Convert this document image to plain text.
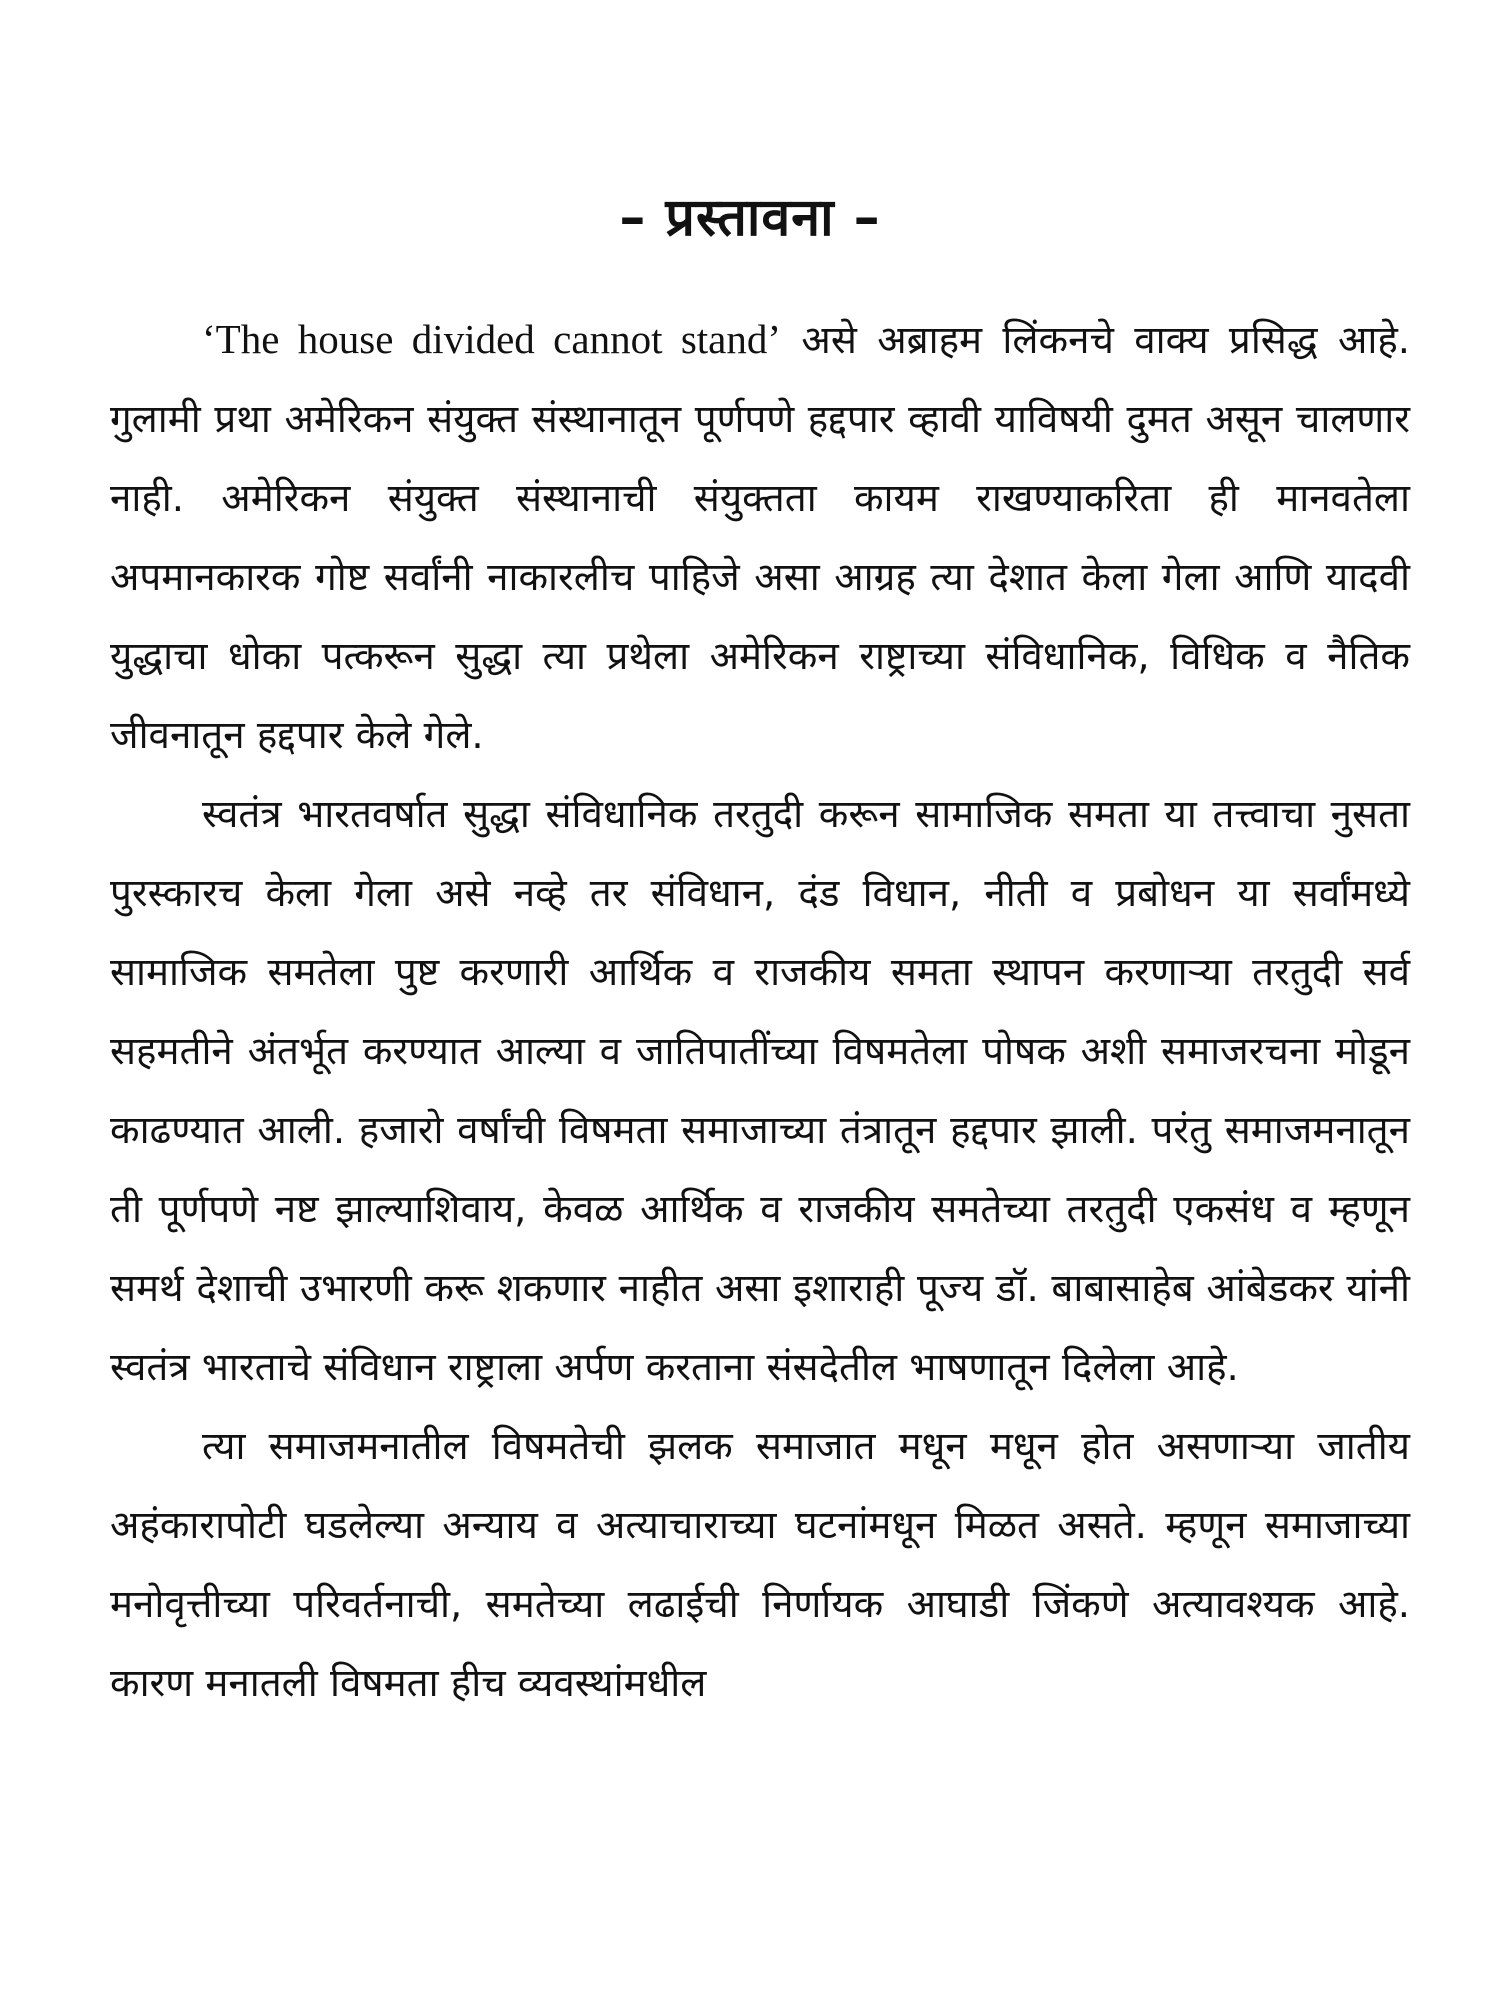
– प्रस्तावना –

‘The house divided cannot stand’ असे अब्राहम लिंकनचे वाक्य प्रसिद्ध आहे. गुलामी प्रथा अमेरिकन संयुक्त संस्थानातून पूर्णपणे हद्दपार व्हावी याविषयी दुमत असून चालणार नाही. अमेरिकन संयुक्त संस्थानाची संयुक्तता कायम राखण्याकरिता ही मानवतेला अपमानकारक गोष्ट सर्वांनी नाकारलीच पाहिजे असा आग्रह त्या देशात केला गेला आणि यादवी युद्धाचा धोका पत्करून सुद्धा त्या प्रथेला अमेरिकन राष्ट्राच्या संविधानिक, विधिक व नैतिक जीवनातून हद्दपार केले गेले.

स्वतंत्र भारतवर्षात सुद्धा संविधानिक तरतुदी करून सामाजिक समता या तत्त्वाचा नुसता पुरस्कारच केला गेला असे नव्हे तर संविधान, दंड विधान, नीती व प्रबोधन या सर्वांमध्ये सामाजिक समतेला पुष्ट करणारी आर्थिक व राजकीय समता स्थापन करणाऱ्या तरतुदी सर्व सहमतीने अंतर्भूत करण्यात आल्या व जातिपातींच्या विषमतेला पोषक अशी समाजरचना मोडून काढण्यात आली. हजारो वर्षांची विषमता समाजाच्या तंत्रातून हद्दपार झाली. परंतु समाजमनातून ती पूर्णपणे नष्ट झाल्याशिवाय, केवळ आर्थिक व राजकीय समतेच्या तरतुदी एकसंध व म्हणून समर्थ देशाची उभारणी करू शकणार नाहीत असा इशाराही पूज्य डॉ. बाबासाहेब आंबेडकर यांनी स्वतंत्र भारताचे संविधान राष्ट्राला अर्पण करताना संसदेतील भाषणातून दिलेला आहे.

त्या समाजमनातील विषमतेची झलक समाजात मधून मधून होत असणाऱ्या जातीय अहंकारापोटी घडलेल्या अन्याय व अत्याचाराच्या घटनांमधून मिळत असते. म्हणून समाजाच्या मनोवृत्तीच्या परिवर्तनाची, समतेच्या लढाईची निर्णायक आघाडी जिंकणे अत्यावश्यक आहे. कारण मनातली विषमता हीच व्यवस्थांमधील
